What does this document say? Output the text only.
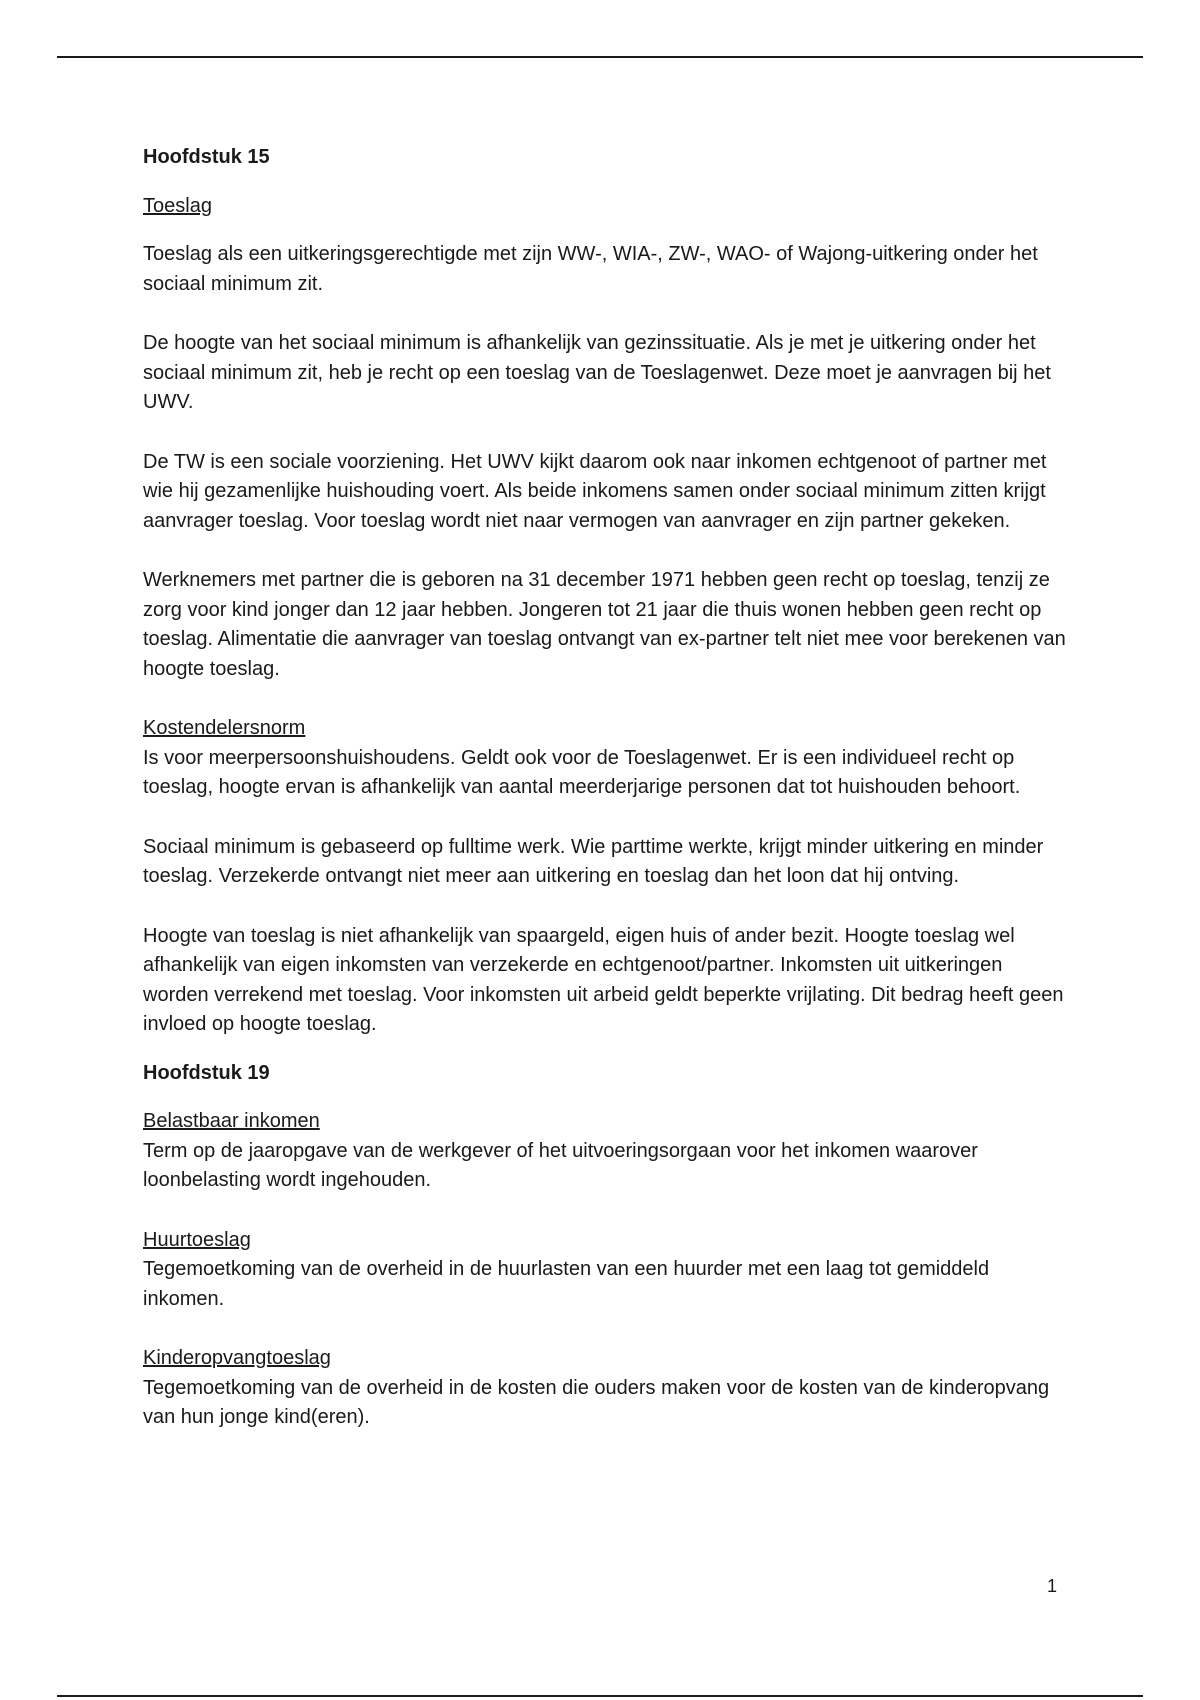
Hoofdstuk 15

Toeslag

Toeslag als een uitkeringsgerechtigde met zijn WW-, WIA-, ZW-, WAO- of Wajong-uitkering onder het sociaal minimum zit.

De hoogte van het sociaal minimum is afhankelijk van gezinssituatie. Als je met je uitkering onder het sociaal minimum zit, heb je recht op een toeslag van de Toeslagenwet. Deze moet je aanvragen bij het UWV.

De TW is een sociale voorziening. Het UWV kijkt daarom ook naar inkomen echtgenoot of partner met wie hij gezamenlijke huishouding voert. Als beide inkomens samen onder sociaal minimum zitten krijgt aanvrager toeslag. Voor toeslag wordt niet naar vermogen van aanvrager en zijn partner gekeken.

Werknemers met partner die is geboren na 31 december 1971 hebben geen recht op toeslag, tenzij ze zorg voor kind jonger dan 12 jaar hebben. Jongeren tot 21 jaar die thuis wonen hebben geen recht op toeslag. Alimentatie die aanvrager van toeslag ontvangt van ex-partner telt niet mee voor berekenen van hoogte toeslag.

Kostendelersnorm

Is voor meerpersoonshuishoudens. Geldt ook voor de Toeslagenwet. Er is een individueel recht op toeslag, hoogte ervan is afhankelijk van aantal meerderjarige personen dat tot huishouden behoort.

Sociaal minimum is gebaseerd op fulltime werk. Wie parttime werkte, krijgt minder uitkering en minder toeslag. Verzekerde ontvangt niet meer aan uitkering en toeslag dan het loon dat hij ontving.

Hoogte van toeslag is niet afhankelijk van spaargeld, eigen huis of ander bezit. Hoogte toeslag wel afhankelijk van eigen inkomsten van verzekerde en echtgenoot/partner. Inkomsten uit uitkeringen worden verrekend met toeslag. Voor inkomsten uit arbeid geldt beperkte vrijlating. Dit bedrag heeft geen invloed op hoogte toeslag.

Hoofdstuk 19

Belastbaar inkomen

Term op de jaaropgave van de werkgever of het uitvoeringsorgaan voor het inkomen waarover loonbelasting wordt ingehouden.

Huurtoeslag

Tegemoetkoming van de overheid in de huurlasten van een huurder met een laag tot gemiddeld inkomen.

Kinderopvangtoeslag

Tegemoetkoming van de overheid in de kosten die ouders maken voor de kosten van de kinderopvang van hun jonge kind(eren).

1
